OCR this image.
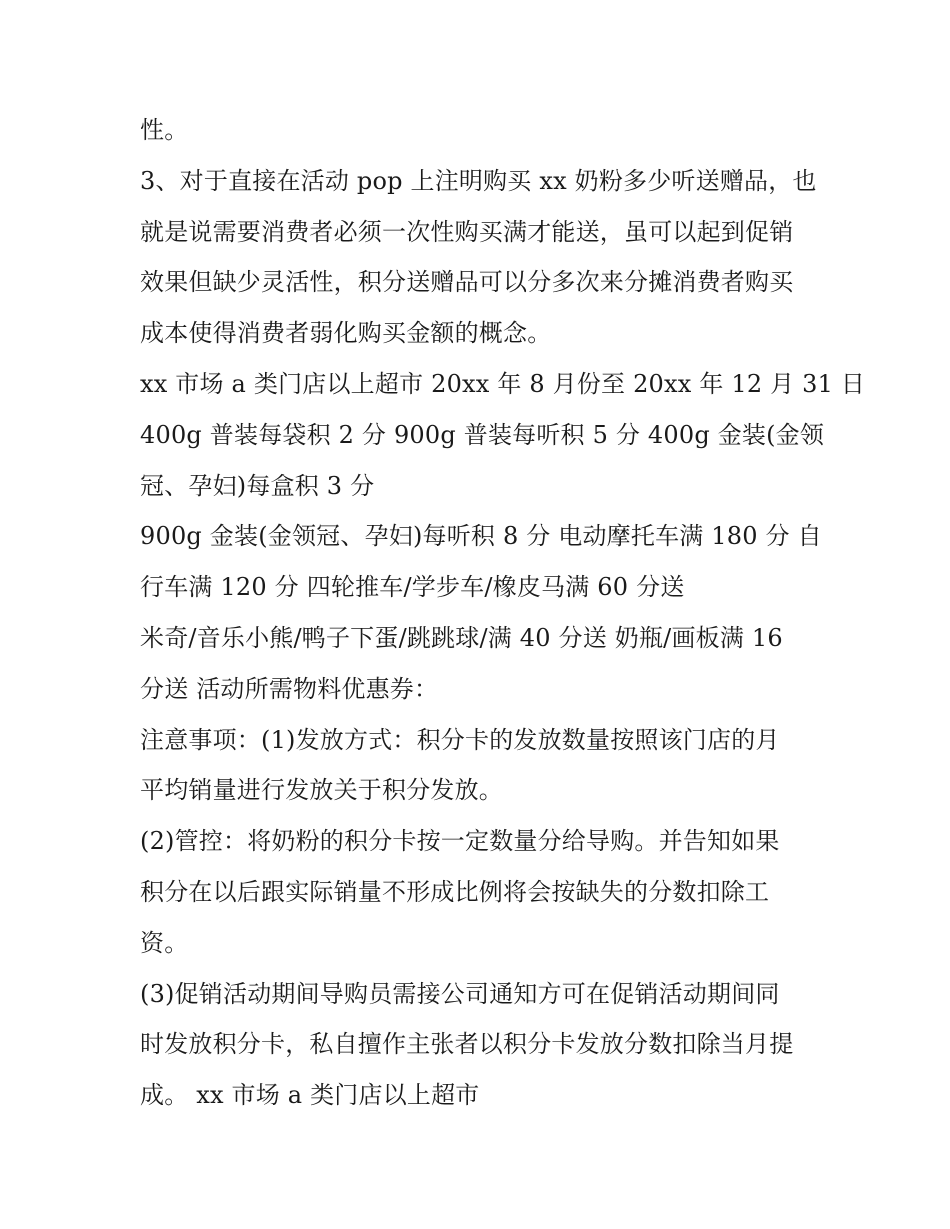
性。
3、对于直接在活动 pop 上注明购买 xx 奶粉多少听送赠品，也
就是说需要消费者必须一次性购买满才能送，虽可以起到促销
效果但缺少灵活性，积分送赠品可以分多次来分摊消费者购买
成本使得消费者弱化购买金额的概念。
xx 市场 a 类门店以上超市 20xx 年 8 月份至 20xx 年 12 月 31 日
400g 普装每袋积 2 分 900g 普装每听积 5 分 400g 金装(金领
冠、孕妇)每盒积 3 分
900g 金装(金领冠、孕妇)每听积 8 分 电动摩托车满 180 分 自
行车满 120 分 四轮推车/学步车/橡皮马满 60 分送
米奇/音乐小熊/鸭子下蛋/跳跳球/满 40 分送 奶瓶/画板满 16
分送 活动所需物料优惠券：
注意事项：(1)发放方式：积分卡的发放数量按照该门店的月
平均销量进行发放关于积分发放。
(2)管控：将奶粉的积分卡按一定数量分给导购。并告知如果
积分在以后跟实际销量不形成比例将会按缺失的分数扣除工
资。
(3)促销活动期间导购员需接公司通知方可在促销活动期间同
时发放积分卡，私自擅作主张者以积分卡发放分数扣除当月提
成。 xx 市场 a 类门店以上超市
